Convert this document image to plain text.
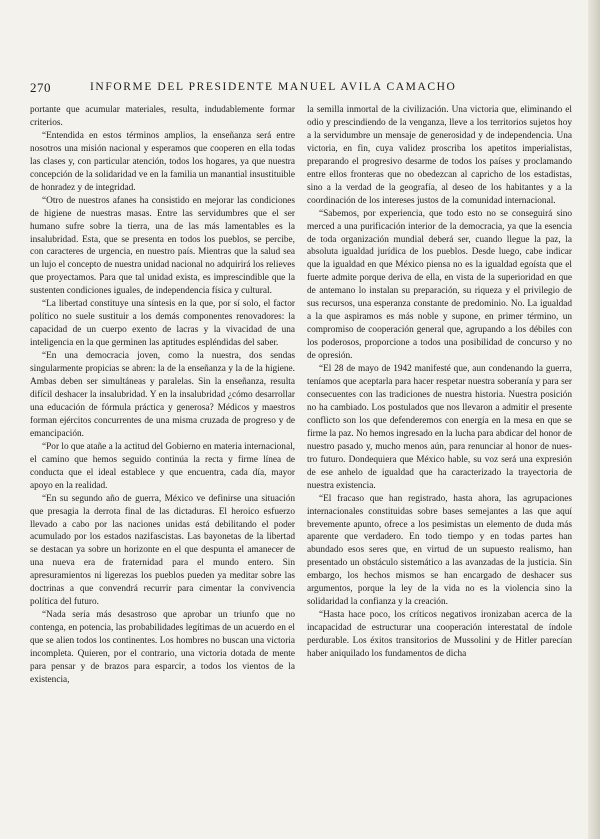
270	INFORME DEL PRESIDENTE MANUEL AVILA CAMACHO

portante que acumular materiales, resulta, indudablemente formar criterios.

“Entendida en estos términos amplios, la enseñanza será entre nosotros una misión nacional y esperamos que cooperen en ella todas las clases y, con particular atención, todos los hogares, ya que nuestra concepción de la solidaridad ve en la familia un manantial insustituible de honradez y de integridad.

“Otro de nuestros afanes ha consistido en mejorar las condiciones de higiene de nuestras masas. Entre las servidumbres que el ser humano sufre sobre la tierra, una de las más lamentables es la insalubridad. Esta, que se presenta en todos los pueblos, se percibe, con caracteres de urgencia, en nuestro país. Mientras que la salud sea un lujo el concepto de nuestra unidad nacional no adquirirá los relieves que proyectamos. Para que tal unidad exista, es imprescindible que la sustenten condiciones iguales, de independencia física y cultural.

“La libertad constituye una síntesis en la que, por sí solo, el factor político no suele sustituir a los demás componentes renovadores: la capacidad de un cuerpo exento de lacras y la vivacidad de una inteligencia en la que germinen las aptitudes espléndidas del saber.

“En una democracia joven, como la nuestra, dos sendas singularmente propicias se abren: la de la enseñanza y la de la higiene. Ambas deben ser simultáneas y paralelas. Sin la enseñanza, resulta difícil deshacer la insalubridad. Y en la insalubridad ¿cómo desarrollar una educación de fórmula práctica y generosa? Médicos y maestros forman ejércitos concurrentes de una misma cruzada de progreso y de emancipación.

“Por lo que atañe a la actitud del Gobierno en materia internacional, el camino que hemos seguido continúa la recta y firme línea de conducta que el ideal establece y que encuentra, cada día, mayor apoyo en la realidad.

“En su segundo año de guerra, México ve definirse una situación que presagia la derrota final de las dictaduras. El heroico esfuerzo llevado a cabo por las naciones unidas está debilitando el poder acumulado por los estados nazifascistas. Las bayonetas de la libertad se destacan ya sobre un horizonte en el que despunta el amanecer de una nueva era de fraternidad para el mundo entero. Sin apresuramientos ni ligerezas los pueblos pueden ya meditar sobre las doctrinas a que convendrá recurrir para cimentar la convivencia política del futuro.

“Nada sería más desastroso que aprobar un triunfo que no contenga, en potencia, las probabilidades legítimas de un acuerdo en el que se alien todos los continentes. Los hombres no buscan una victoria incompleta. Quieren, por el contrario, una victoria dotada de mente para pensar y de brazos para esparcir, a todos los vientos de la existencia,

la semilla inmortal de la civilización. Una victoria que, eliminando el odio y prescindiendo de la venganza, lleve a los territorios sujetos hoy a la servidumbre un mensaje de generosidad y de independencia. Una victoria, en fin, cuya validez proscriba los apetitos imperialistas, preparando el progresivo desarme de todos los países y proclamando entre ellos fronteras que no obedezcan al capricho de los estadistas, sino a la verdad de la geografía, al deseo de los habitantes y a la coordinación de los intereses justos de la comunidad internacional.

“Sabemos, por experiencia, que todo esto no se conseguirá sino merced a una purificación interior de la democracia, ya que la esencia de toda organización mundial deberá ser, cuando llegue la paz, la absoluta igualdad jurídica de los pueblos. Desde luego, cabe indicar que la igualdad en que México piensa no es la igualdad egoísta que el fuerte admite porque deriva de ella, en vista de la superioridad en que de antemano lo instalan su preparación, su riqueza y el privilegio de sus recursos, una esperanza constante de predominio. No. La igualdad a la que aspiramos es más noble y supone, en primer término, un compromiso de cooperación general que, agrupando a los débiles con los poderosos, proporcione a todos una posibilidad de concurso y no de opresión.

“El 28 de mayo de 1942 manifesté que, aun condenando la guerra, teníamos que aceptarla para hacer respetar nuestra soberanía y para ser consecuentes con las tradiciones de nuestra historia. Nuestra posición no ha cambiado. Los postulados que nos llevaron a admitir el presente conflicto son los que defenderemos con energía en la mesa en que se firme la paz. No hemos ingresado en la lucha para abdicar del honor de nuestro pasado y, mucho menos aún, para renunciar al honor de nuestro futuro. Dondequiera que México hable, su voz será una expresión de ese anhelo de igualdad que ha caracterizado la trayectoria de nuestra existencia.

“El fracaso que han registrado, hasta ahora, las agrupaciones internacionales constituidas sobre bases semejantes a las que aquí brevemente apunto, ofrece a los pesimistas un elemento de duda más aparente que verdadero. En todo tiempo y en todas partes han abundado esos seres que, en virtud de un supuesto realismo, han presentado un obstáculo sistemático a las avanzadas de la justicia. Sin embargo, los hechos mismos se han encargado de deshacer sus argumentos, porque la ley de la vida no es la violencia sino la solidaridad la confianza y la creación.

“Hasta hace poco, los críticos negativos ironizaban acerca de la incapacidad de estructurar una cooperación interestatal de índole perdurable. Los éxitos transitorios de Mussolini y de Hitler parecían haber aniquilado los fundamentos de dicha
